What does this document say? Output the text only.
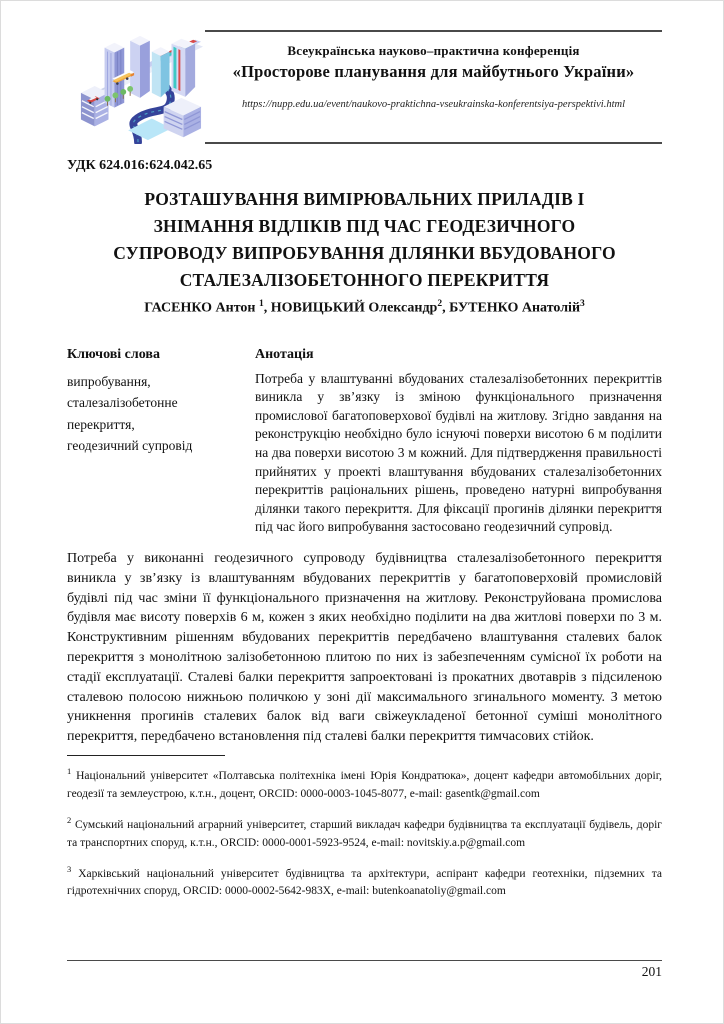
Всеукраїнська науково–практична конференція
«Просторове планування для майбутнього України»
https://nupp.edu.ua/event/naukovo-praktichna-vseukrainska-konferentsiya-perspektivi.html
УДК 624.016:624.042.65
РОЗТАШУВАННЯ ВИМІРЮВАЛЬНИХ ПРИЛАДІВ І
ЗНІМАННЯ ВІДЛІКІВ ПІД ЧАС ГЕОДЕЗИЧНОГО
СУПРОВОДУ ВИПРОБУВАННЯ ДІЛЯНКИ ВБУДОВАНОГО
СТАЛЕЗАЛІЗОБЕТОННОГО ПЕРЕКРИТТЯ
ГАСЕНКО Антон $^1$, НОВИЦЬКИЙ Олександр$^2$, БУТЕНКО Анатолій$^3$
Ключові слова
випробування,
сталезалізобетонне
перекриття,
геодезичний супровід
Анотація
Потреба у влаштуванні вбудованих сталезалізобетонних перекриттів виникла у зв’язку із зміною функціонального призначення промислової багатоповерхової будівлі на житлову. Згідно завдання на реконструкцію необхідно було існуючі поверхи висотою 6 м поділити на два поверхи висотою 3 м кожний. Для підтвердження правильності прийнятих у проекті влаштування вбудованих сталезалізобетонних перекриттів раціональних рішень, проведено натурні випробування ділянки такого перекриття. Для фіксації прогинів ділянки перекриття під час його випробування застосовано геодезичний супровід.

Потреба у виконанні геодезичного супроводу будівництва сталезалізобетонного перекриття виникла у зв’язку із влаштуванням вбудованих перекриттів у багатоповерховій промисловій будівлі під час зміни її функціонального призначення на житлову. Реконструйована промислова будівля має висоту поверхів 6 м, кожен з яких необхідно поділити на два житлові поверхи по 3 м. Конструктивним рішенням вбудованих перекриттів передбачено влаштування сталевих балок перекриття з монолітною залізобетонною плитою по них із забезпеченням сумісної їх роботи на стадії експлуатації. Сталеві балки перекриття запроектовані із прокатних двотаврів з підсиленою сталевою полосою нижньою поличкою у зоні дії максимального згинального моменту. З метою уникнення прогинів сталевих балок від ваги свіжеукладеної бетонної суміші монолітного перекриття, передбачено встановлення під сталеві балки перекриття тимчасових стійок.

$^1$ Національний університет «Полтавська політехніка імені Юрія Кондратюка», доцент кафедри автомобільних доріг, геодезії та землеустрою, к.т.н., доцент, ORCID: 0000-0003-1045-8077, e-mail: gasentk@gmail.com
$^2$ Сумський національний аграрний університет, старший викладач кафедри будівництва та експлуатації будівель, доріг та транспортних споруд, к.т.н., ORCID: 0000-0001-5923-9524, e-mail: novitskiy.a.p@gmail.com
$^3$ Харківський національний університет будівництва та архітектури, аспірант кафедри геотехніки, підземних та гідротехнічних споруд, ORCID: 0000-0002-5642-983X, e-mail: butenkoanatoliy@gmail.com
201
